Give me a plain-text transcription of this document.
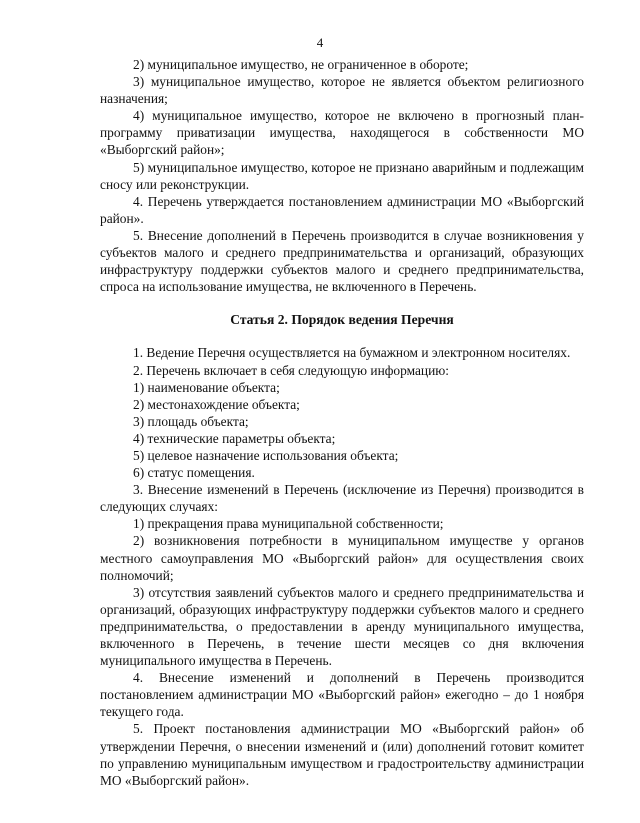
4

2) муниципальное имущество, не ограниченное в обороте;

3) муниципальное имущество, которое не является объектом религиозного назначения;

4) муниципальное имущество, которое не включено в прогнозный план-программу приватизации имущества, находящегося в собственности МО «Выборгский район»;

5) муниципальное имущество, которое не признано аварийным и подлежащим сносу или реконструкции.

4. Перечень утверждается постановлением администрации МО «Выборгский район».

5. Внесение дополнений в Перечень производится в случае возникновения у субъектов малого и среднего предпринимательства и организаций, образующих инфраструктуру поддержки субъектов малого и среднего предпринимательства, спроса на использование имущества, не включенного в Перечень.

Статья 2. Порядок ведения Перечня

1. Ведение Перечня осуществляется на бумажном и электронном носителях.

2. Перечень включает в себя следующую информацию:

1) наименование объекта;

2) местонахождение объекта;

3) площадь объекта;

4) технические параметры объекта;

5) целевое назначение использования объекта;

6) статус помещения.

3. Внесение изменений в Перечень (исключение из Перечня) производится в следующих случаях:

1) прекращения права муниципальной собственности;

2) возникновения потребности в муниципальном имуществе у органов местного самоуправления МО «Выборгский район» для осуществления своих полномочий;

3) отсутствия заявлений субъектов малого и среднего предпринимательства и организаций, образующих инфраструктуру поддержки субъектов малого и среднего предпринимательства, о предоставлении в аренду муниципального имущества, включенного в Перечень, в течение шести месяцев со дня включения муниципального имущества в Перечень.

4. Внесение изменений и дополнений в Перечень производится постановлением администрации МО «Выборгский район» ежегодно – до 1 ноября текущего года.

5. Проект постановления администрации МО «Выборгский район» об утверждении Перечня, о внесении изменений и (или) дополнений готовит комитет по управлению муниципальным имуществом и градостроительству администрации МО «Выборгский район».
